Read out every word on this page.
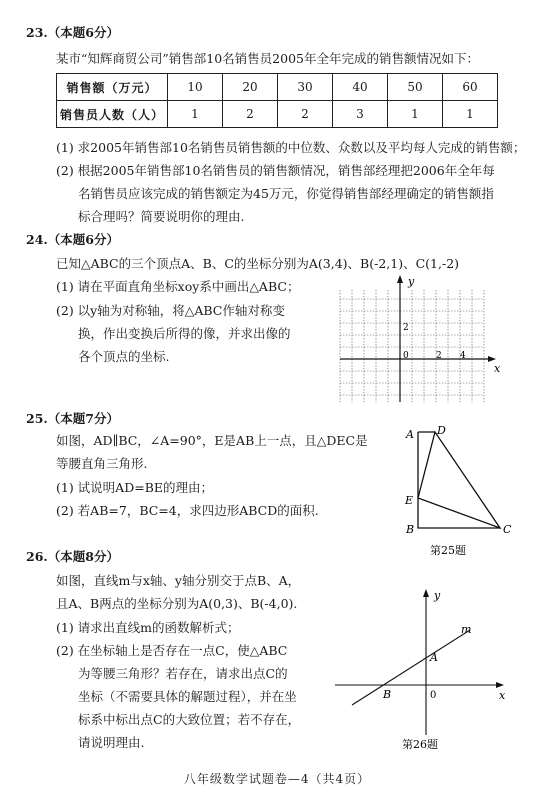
23.（本题6分）
某市“知辉商贸公司”销售部10名销售员2005年全年完成的销售额情况如下：
销售额（万元）	10	20	30	40	50	60
销售员人数（人）	1	2	2	3	1	1
(1) 求2005年销售部10名销售员销售额的中位数、众数以及平均每人完成的销售额；
(2) 根据2005年销售部10名销售员的销售额情况，销售部经理把2006年全年每
名销售员应该完成的销售额定为45万元，你觉得销售部经理确定的销售额指
标合理吗？简要说明你的理由.
24.（本题6分）
已知△ABC的三个顶点A、B、C的坐标分别为A(3,4)、B(-2,1)、C(1,-2)
(1) 请在平面直角坐标xoy系中画出△ABC；
(2) 以y轴为对称轴，将△ABC作轴对称变
换，作出变换后所得的像，并求出像的
各个顶点的坐标.
y
x
0	2 4
2
25.（本题7分）
如图，AD∥BC，∠A=90°，E是AB上一点，且△DEC是
等腰直角三角形.
(1) 试说明AD=BE的理由；
(2) 若AB=7，BC=4，求四边形ABCD的面积.
A D
E
B	C
第25题
26.（本题8分）
如图，直线m与x轴、y轴分别交于点B、A，
且A、B两点的坐标分别为A(0,3)、B(-4,0).
(1) 请求出直线m的函数解析式；
(2) 在坐标轴上是否存在一点C，使△ABC
为等腰三角形？若存在，请求出点C的
坐标（不需要具体的解题过程），并在坐
标系中标出点C的大致位置；若不存在，
请说明理由.
y
x
m
A
B	0
第26题
八年级数学试题卷—4（共4页）
